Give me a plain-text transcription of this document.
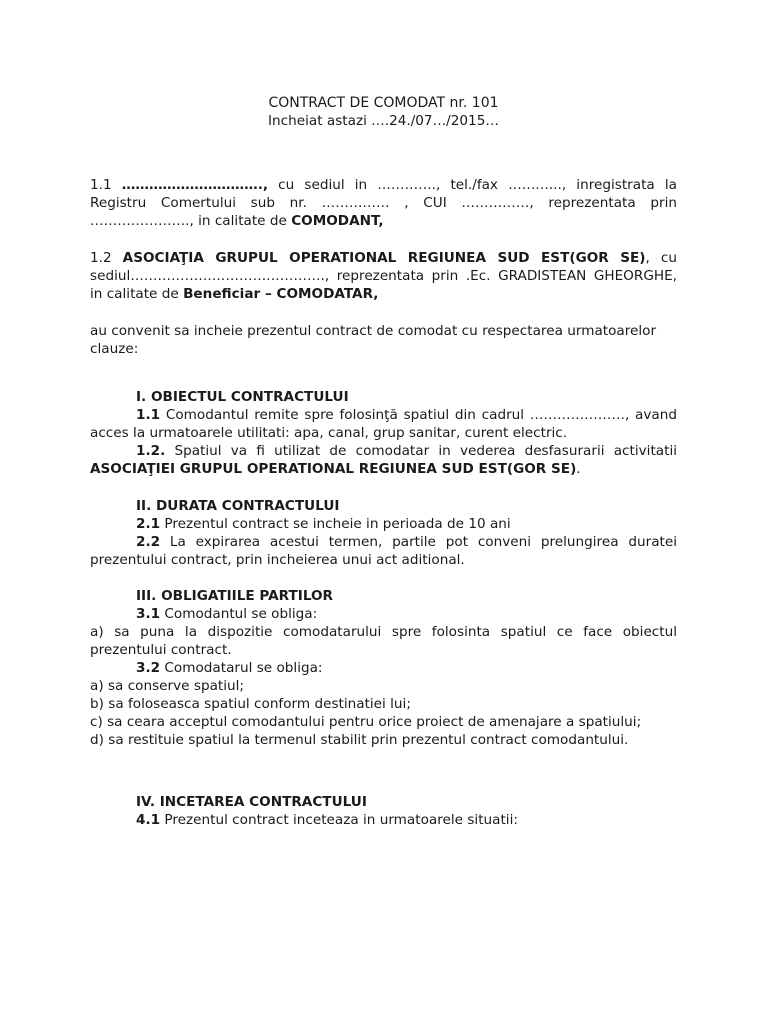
CONTRACT DE COMODAT nr. 101

Incheiat astazi ….24./07…/2015…

1.1 …………………………., cu sediul in …………., tel./fax ………..., inregistrata la Registru Comertului sub nr. …………… , CUI ……………, reprezentata prin …………………., in calitate de COMODANT,

1.2 ASOCIAŢIA GRUPUL OPERATIONAL REGIUNEA SUD EST(GOR SE), cu sediul……………………………………., reprezentata prin .Ec. GRADISTEAN GHEORGHE, in calitate de Beneficiar – COMODATAR,

au convenit sa incheie prezentul contract de comodat cu respectarea urmatoarelor clauze:

I. OBIECTUL CONTRACTULUI

1.1 Comodantul remite spre folosinţă spatiul din cadrul …………………, avand acces la urmatoarele utilitati: apa, canal, grup sanitar, curent electric.

1.2. Spatiul va fi utilizat de comodatar in vederea desfasurarii activitatii ASOCIAŢIEI GRUPUL OPERATIONAL REGIUNEA SUD EST(GOR SE).

II. DURATA CONTRACTULUI

2.1 Prezentul contract se incheie in perioada de 10 ani

2.2 La expirarea acestui termen, partile pot conveni prelungirea duratei prezentului contract, prin incheierea unui act aditional.

III. OBLIGATIILE PARTILOR

3.1 Comodantul se obliga:

a) sa puna la dispozitie comodatarului spre folosinta spatiul ce face obiectul prezentului contract.

3.2 Comodatarul se obliga:

a) sa conserve spatiul;

b) sa foloseasca spatiul conform destinatiei lui;

c) sa ceara acceptul comodantului pentru orice proiect de amenajare a spatiului;

d) sa restituie spatiul la termenul stabilit prin prezentul contract comodantului.

IV. INCETAREA CONTRACTULUI

4.1 Prezentul contract inceteaza in urmatoarele situatii:
